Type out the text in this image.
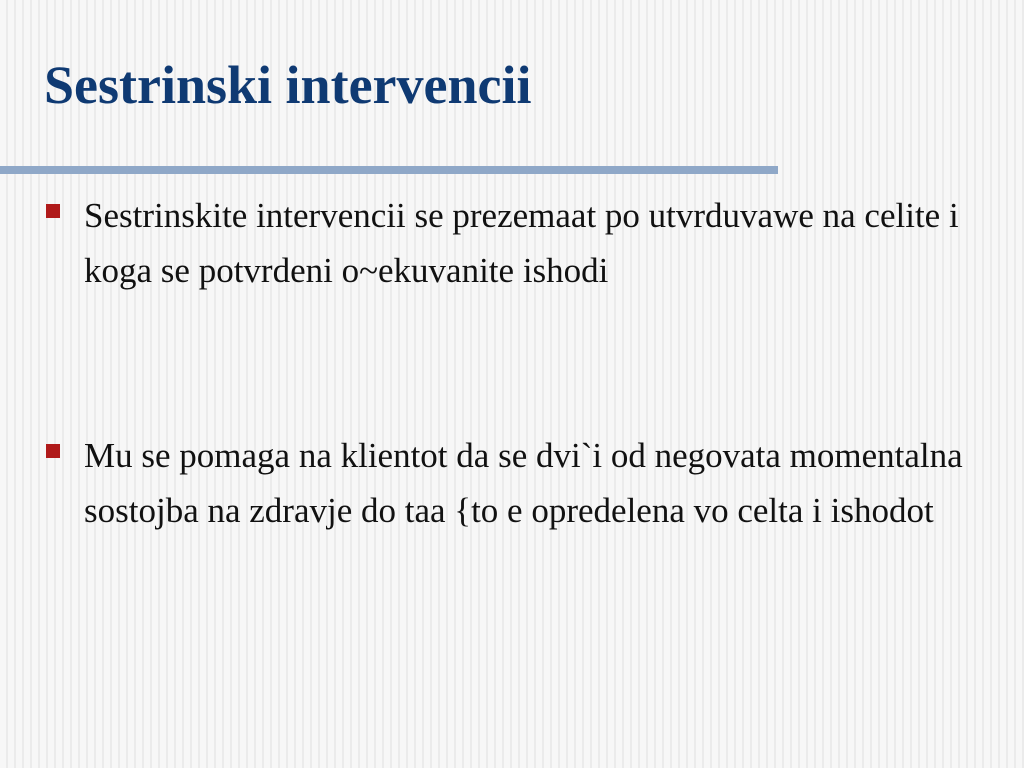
Sestrinski intervencii
Sestrinskite intervencii se prezemaat po utvrduvawe na celite i koga se potvrdeni o~ekuvanite ishodi
Mu se pomaga na klientot da se dvi`i od negovata momentalna sostojba na zdravje do taa {to e opredelena vo celta i ishodot
